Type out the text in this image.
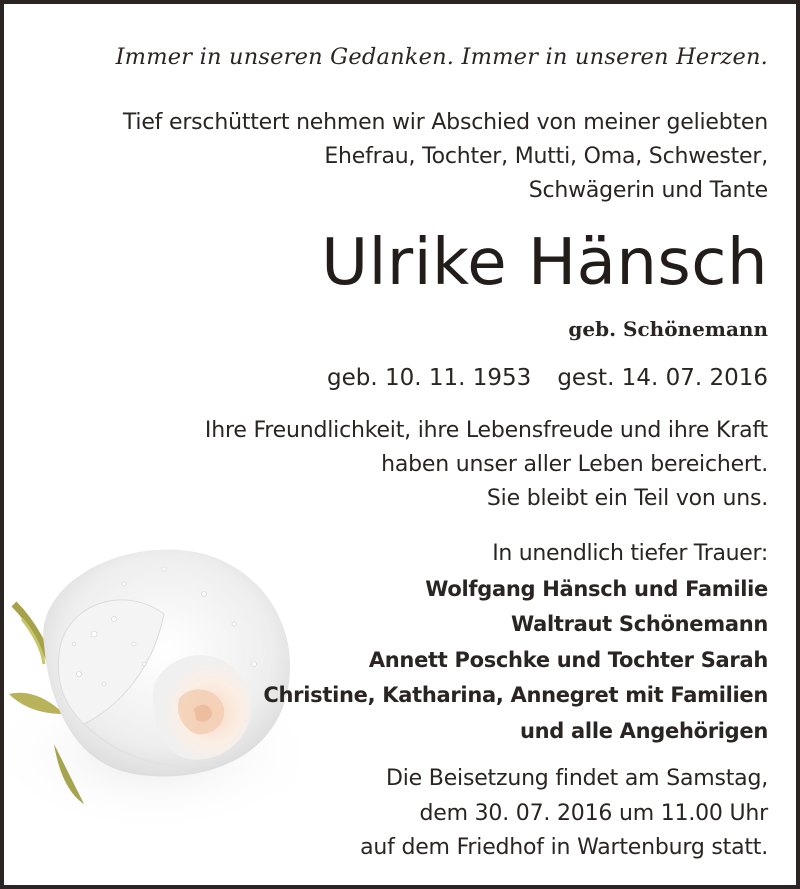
Immer in unseren Gedanken. Immer in unseren Herzen.
Tief erschüttert nehmen wir Abschied von meiner geliebten
Ehefrau, Tochter, Mutti, Oma, Schwester,
Schwägerin und Tante
Ulrike Hänsch
geb. Schönemann
geb. 10. 11. 1953 gest. 14. 07. 2016
Ihre Freundlichkeit, ihre Lebensfreude und ihre Kraft
haben unser aller Leben bereichert.
Sie bleibt ein Teil von uns.
In unendlich tiefer Trauer:
Wolfgang Hänsch und Familie
Waltraut Schönemann
Annett Poschke und Tochter Sarah
Christine, Katharina, Annegret mit Familien
und alle Angehörigen
Die Beisetzung findet am Samstag,
dem 30. 07. 2016 um 11.00 Uhr
auf dem Friedhof in Wartenburg statt.
